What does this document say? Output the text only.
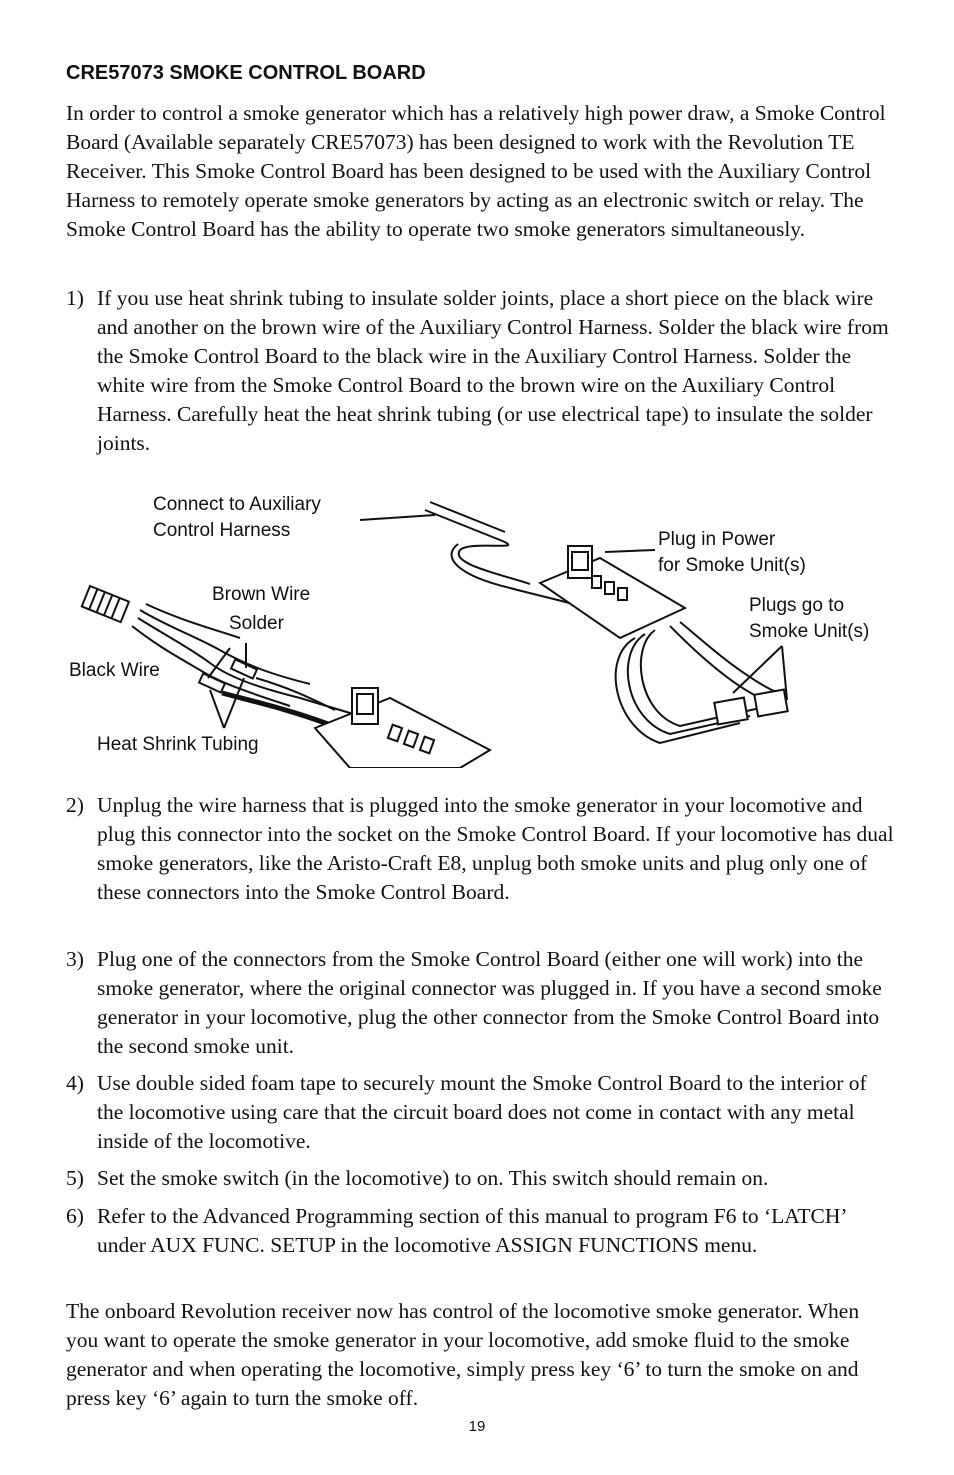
CRE57073 SMOKE CONTROL BOARD

In order to control a smoke generator which has a relatively high power draw, a Smoke Control Board (Available separately CRE57073) has been designed to work with the Revolution TE Receiver. This Smoke Control Board has been designed to be used with the Auxiliary Control Harness to remotely operate smoke generators by acting as an electronic switch or relay. The Smoke Control Board has the ability to operate two smoke generators simultaneously.

1) If you use heat shrink tubing to insulate solder joints, place a short piece on the black wire and another on the brown wire of the Auxiliary Control Harness. Solder the black wire from the Smoke Control Board to the black wire in the Auxiliary Control Harness. Solder the white wire from the Smoke Control Board to the brown wire on the Auxiliary Control Harness. Carefully heat the heat shrink tubing (or use electrical tape) to insulate the solder joints.
Connect to Auxiliary
Control Harness	Plug in Power
for Smoke Unit(s)
Plugs go to
Smoke Unit(s)
Brown Wire
Solder
Black Wire
Heat Shrink Tubing
2) Unplug the wire harness that is plugged into the smoke generator in your locomotive and plug this connector into the socket on the Smoke Control Board. If your locomotive has dual smoke generators, like the Aristo-Craft E8, unplug both smoke units and plug only one of these connectors into the Smoke Control Board.
3) Plug one of the connectors from the Smoke Control Board (either one will work) into the smoke generator, where the original connector was plugged in. If you have a second smoke generator in your locomotive, plug the other connector from the Smoke Control Board into the second smoke unit.
4) Use double sided foam tape to securely mount the Smoke Control Board to the interior of the locomotive using care that the circuit board does not come in contact with any metal inside of the locomotive.
5) Set the smoke switch (in the locomotive) to on. This switch should remain on.
6) Refer to the Advanced Programming section of this manual to program F6 to ‘LATCH’ under AUX FUNC. SETUP in the locomotive ASSIGN FUNCTIONS menu.

The onboard Revolution receiver now has control of the locomotive smoke generator. When you want to operate the smoke generator in your locomotive, add smoke fluid to the smoke generator and when operating the locomotive, simply press key ‘6’ to turn the smoke on and press key ‘6’ again to turn the smoke off.

19
